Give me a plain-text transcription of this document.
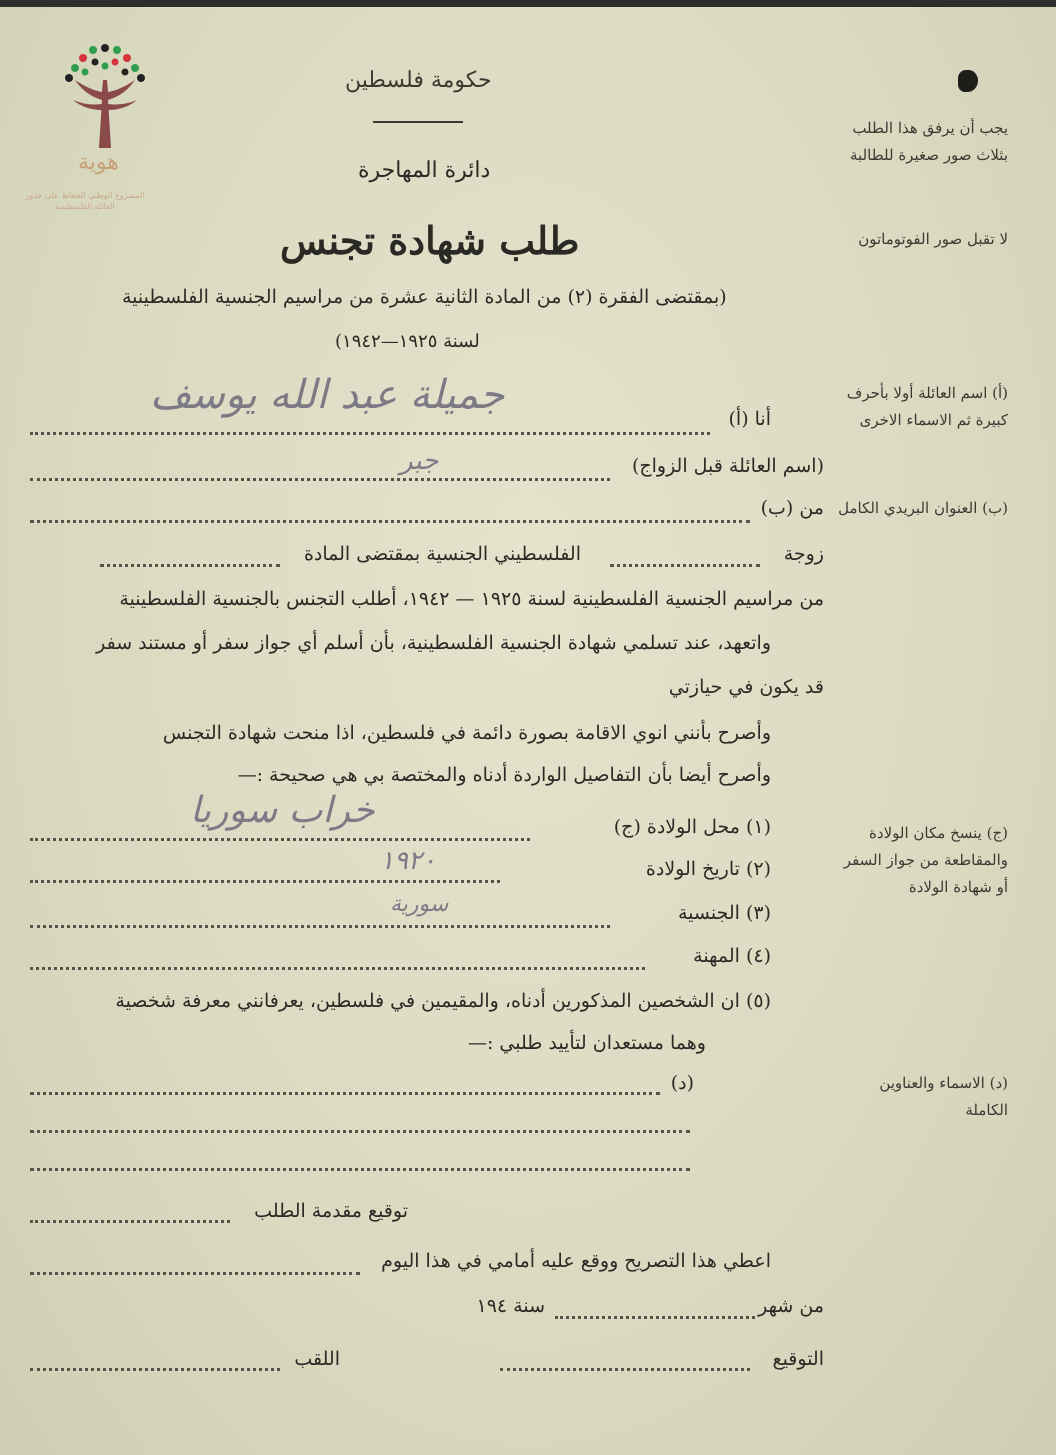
هوية
المشروع الوطني للحفاظ على جذور العائلة الفلسطينية
حكومة فلسطين
دائرة المهاجرة
طلب شهادة تجنس
(بمقتضى الفقرة (٢) من المادة الثانية عشرة من مراسيم الجنسية الفلسطينية
لسنة ١٩٢٥—١٩٤٢)
يجب أن يرفق هذا الطلب بثلاث صور صغيرة للطالبة
لا تقبل صور الفوتوماتون
(أ) اسم العائلة أولا بأحرف كبيرة ثم الاسماء الاخرى
(ب) العنوان البريدي الكامل
(ج) ينسخ مكان الولادة والمقاطعة من جواز السفر أو شهادة الولادة
(د) الاسماء والعناوين الكاملة
أنا (أ)
جميلة عبد الله يوسف
(اسم العائلة قبل الزواج)
جبر
من (ب)
زوجة
الفلسطيني الجنسية بمقتضى المادة
من مراسيم الجنسية الفلسطينية لسنة ١٩٢٥ — ١٩٤٢، أطلب التجنس بالجنسية الفلسطينية
واتعهد، عند تسلمي شهادة الجنسية الفلسطينية، بأن أسلم أي جواز سفر أو مستند سفر
قد يكون في حيازتي
وأصرح بأنني انوي الاقامة بصورة دائمة في فلسطين، اذا منحت شهادة التجنس
وأصرح أيضا بأن التفاصيل الواردة أدناه والمختصة بي هي صحيحة :—
(١) محل الولادة (ج)
خراب سوريا
(٢) تاريخ الولادة
١٩٢٠
(٣) الجنسية
سورية
(٤) المهنة
(٥) ان الشخصين المذكورين أدناه، والمقيمين في فلسطين، يعرفانني معرفة شخصية
وهما مستعدان لتأييد طلبي :—
(د)
توقيع مقدمة الطلب
اعطي هذا التصريح ووقع عليه أمامي في هذا اليوم
من شهر
سنة ١٩٤
التوقيع
اللقب
